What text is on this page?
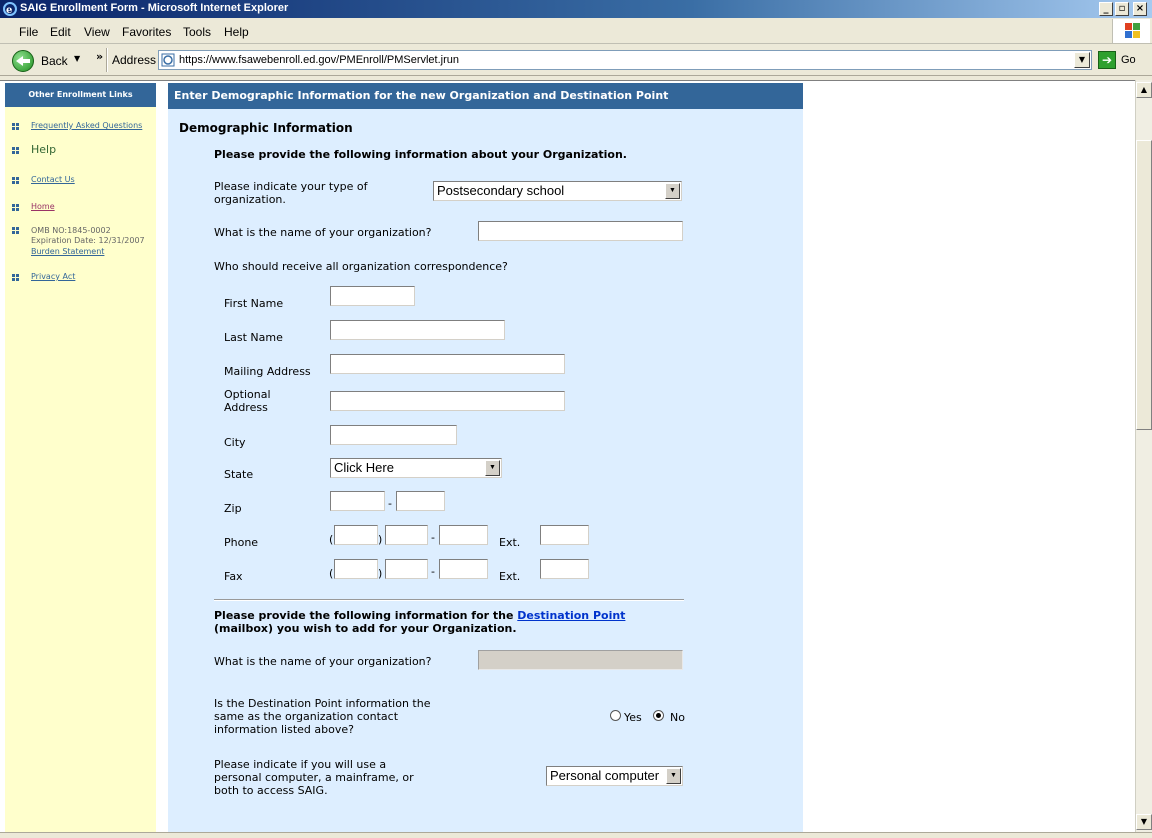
e SAIG Enrollment Form - Microsoft Internet Explorer	_	▫	×
File Edit View Favorites Tools Help
Back ▼ » Address https://www.fsawebenroll.ed.gov/PMEnroll/PMServlet.jrun	▼	➔ Go
Other Enrollment Links
Frequently Asked Questions
Help
Contact Us
Home
OMB NO:1845-0002
Expiration Date: 12/31/2007
Burden Statement
Privacy Act
Enter Demographic Information for the new Organization and Destination Point
Demographic Information
Please provide the following information about your Organization.
Please indicate your type of
organization.
Postsecondary school	▼
What is the name of your organization?
Who should receive all organization correspondence?
First Name
Last Name
Mailing Address
Optional
Address
City
State	Click Here	▼
Zip	-
Phone	(	)	-	Ext.
Fax	(	)	-	Ext.
Please provide the following information for the Destination Point
(mailbox) you wish to add for your Organization.
What is the name of your organization?
Is the Destination Point information the
same as the organization contact
information listed above?
Yes	No
Please indicate if you will use a
personal computer, a mainframe, or
both to access SAIG.
Personal computer	▼
▲
▼
